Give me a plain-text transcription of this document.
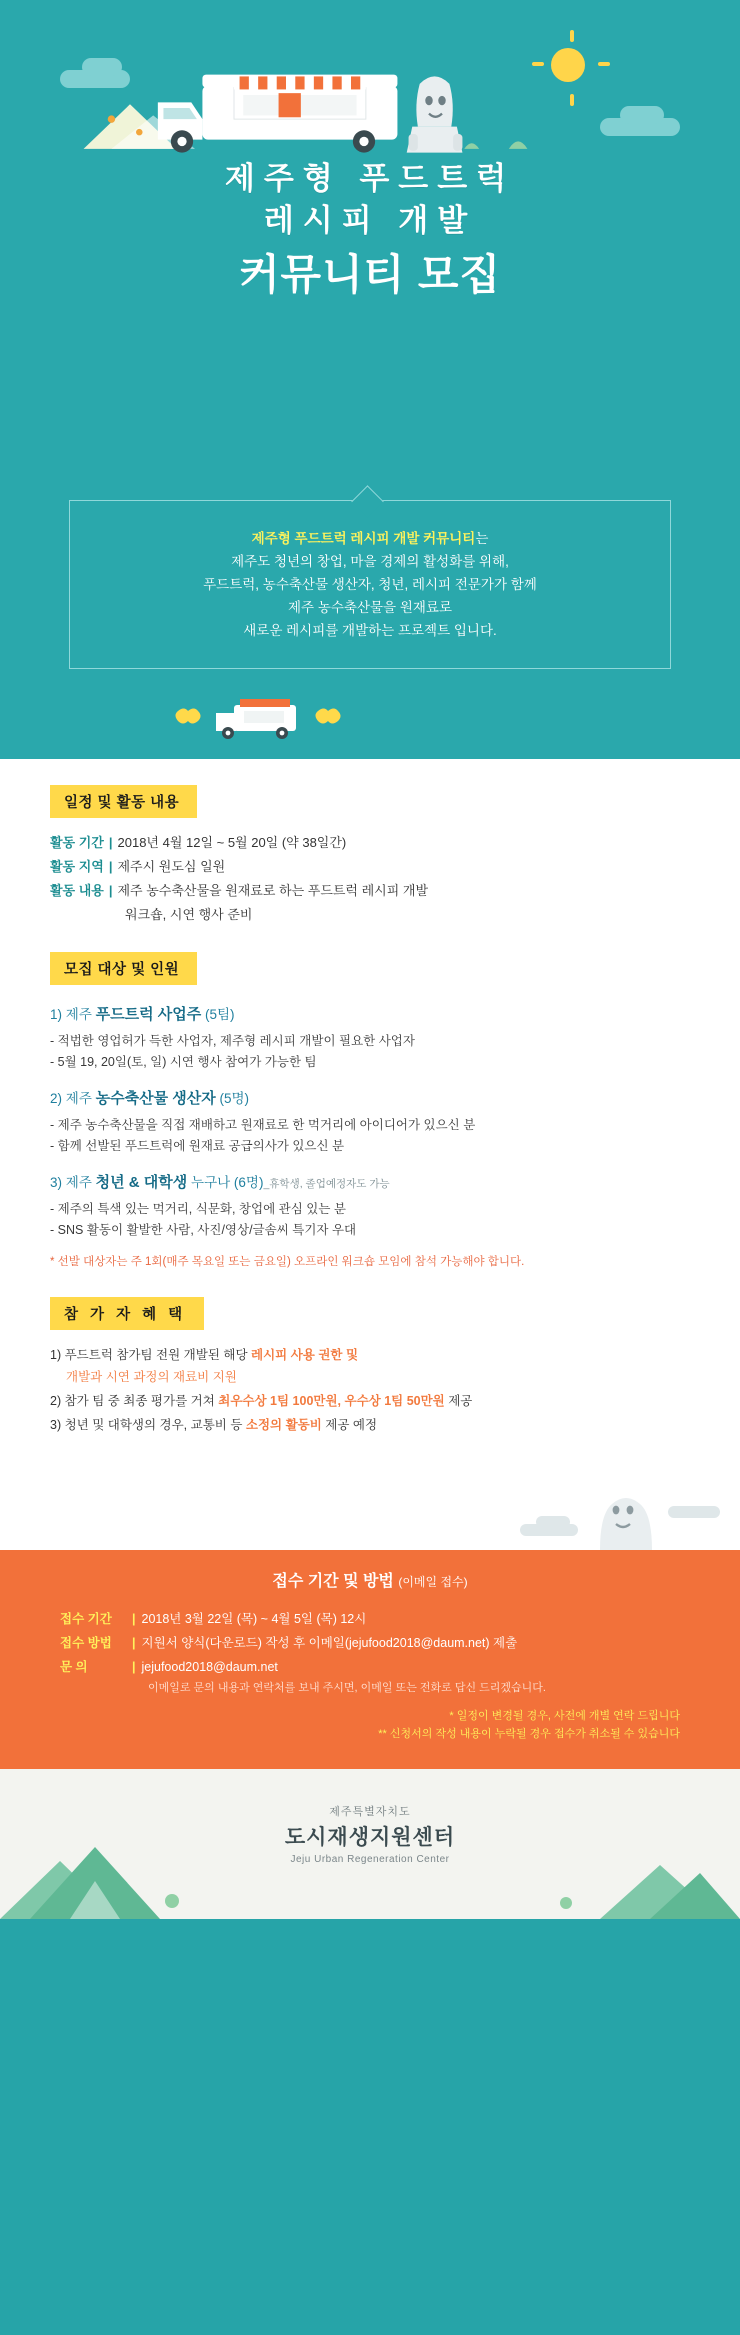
제주형 푸드트럭
레시피 개발
커뮤니티 모집

제주형 푸드트럭 레시피 개발 커뮤니티는

제주도 청년의 창업, 마을 경제의 활성화를 위해,

푸드트럭, 농수축산물 생산자, 청년, 레시피 전문가가 함께

제주 농수축산물을 원재료로

새로운 레시피를 개발하는 프로젝트 입니다.

일정 및 활동 내용
활동 기간 | 2018년 4월 12일 ~ 5월 20일 (약 38일간)
활동 지역 | 제주시 원도심 일원
활동 내용 | 제주 농수축산물을 원재료로 하는 푸드트럭 레시피 개발
워크숍, 시연 행사 준비
모집 대상 및 인원
1) 제주 푸드트럭 사업주 (5팀)
- 적법한 영업허가 득한 사업자, 제주형 레시피 개발이 필요한 사업자
- 5월 19, 20일(토, 일) 시연 행사 참여가 가능한 팀
2) 제주 농수축산물 생산자 (5명)
- 제주 농수축산물을 직접 재배하고 원재료로 한 먹거리에 아이디어가 있으신 분
- 함께 선발된 푸드트럭에 원재료 공급의사가 있으신 분
3) 제주 청년 & 대학생 누구나 (6명)_휴학생, 졸업예정자도 가능
- 제주의 특색 있는 먹거리, 식문화, 창업에 관심 있는 분
- SNS 활동이 활발한 사람, 사진/영상/글솜씨 특기자 우대
* 선발 대상자는 주 1회(매주 목요일 또는 금요일) 오프라인 워크숍 모임에 참석 가능해야 합니다.
참 가 자 혜 택
1) 푸드트럭 참가팀 전원 개발된 해당 레시피 사용 권한 및
개발과 시연 과정의 재료비 지원
2) 참가 팀 중 최종 평가를 거쳐 최우수상 1팀 100만원, 우수상 1팀 50만원 제공
3) 청년 및 대학생의 경우, 교통비 등 소정의 활동비 제공 예정
접수 기간 및 방법 (이메일 접수)
접수 기간 | 2018년 3월 22일 (목) ~ 4월 5일 (목) 12시
접수 방법 | 지원서 양식(다운로드) 작성 후 이메일(jejufood2018@daum.net) 제출
문 의	| jejufood2018@daum.net
이메일로 문의 내용과 연락처를 보내 주시면, 이메일 또는 전화로 답신 드리겠습니다.
* 일정이 변경될 경우, 사전에 개별 연락 드립니다
** 신청서의 작성 내용이 누락될 경우 접수가 취소될 수 있습니다
제주특별자치도
도시재생지원센터
Jeju Urban Regeneration Center
